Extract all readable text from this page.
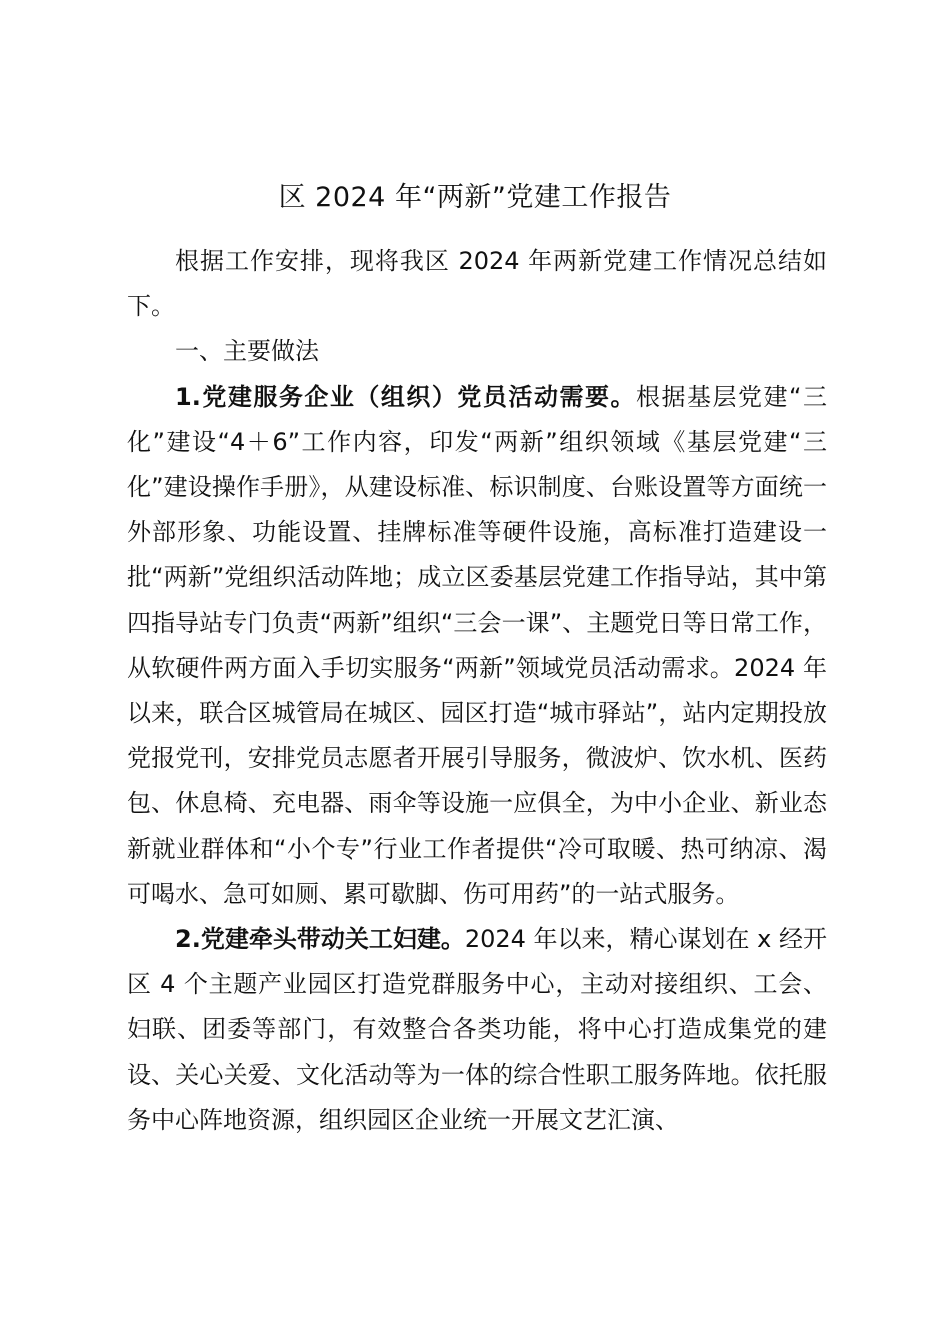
区 2024 年“两新”党建工作报告

根据工作安排，现将我区 2024 年两新党建工作情况总结如下。

一、主要做法

1.党建服务企业（组织）党员活动需要。根据基层党建“三化”建设“4＋6”工作内容，印发“两新”组织领域《基层党建“三化”建设操作手册》，从建设标准、标识制度、台账设置等方面统一外部形象、功能设置、挂牌标准等硬件设施，高标准打造建设一批“两新”党组织活动阵地；成立区委基层党建工作指导站，其中第四指导站专门负责“两新”组织“三会一课”、主题党日等日常工作，从软硬件两方面入手切实服务“两新”领域党员活动需求。2024 年以来，联合区城管局在城区、园区打造“城市驿站”，站内定期投放党报党刊，安排党员志愿者开展引导服务，微波炉、饮水机、医药包、休息椅、充电器、雨伞等设施一应俱全，为中小企业、新业态新就业群体和“小个专”行业工作者提供“冷可取暖、热可纳凉、渴可喝水、急可如厕、累可歇脚、伤可用药”的一站式服务。

2.党建牵头带动关工妇建。2024 年以来，精心谋划在 x 经开区 4 个主题产业园区打造党群服务中心，主动对接组织、工会、妇联、团委等部门，有效整合各类功能，将中心打造成集党的建设、关心关爱、文化活动等为一体的综合性职工服务阵地。依托服务中心阵地资源，组织园区企业统一开展文艺汇演、
